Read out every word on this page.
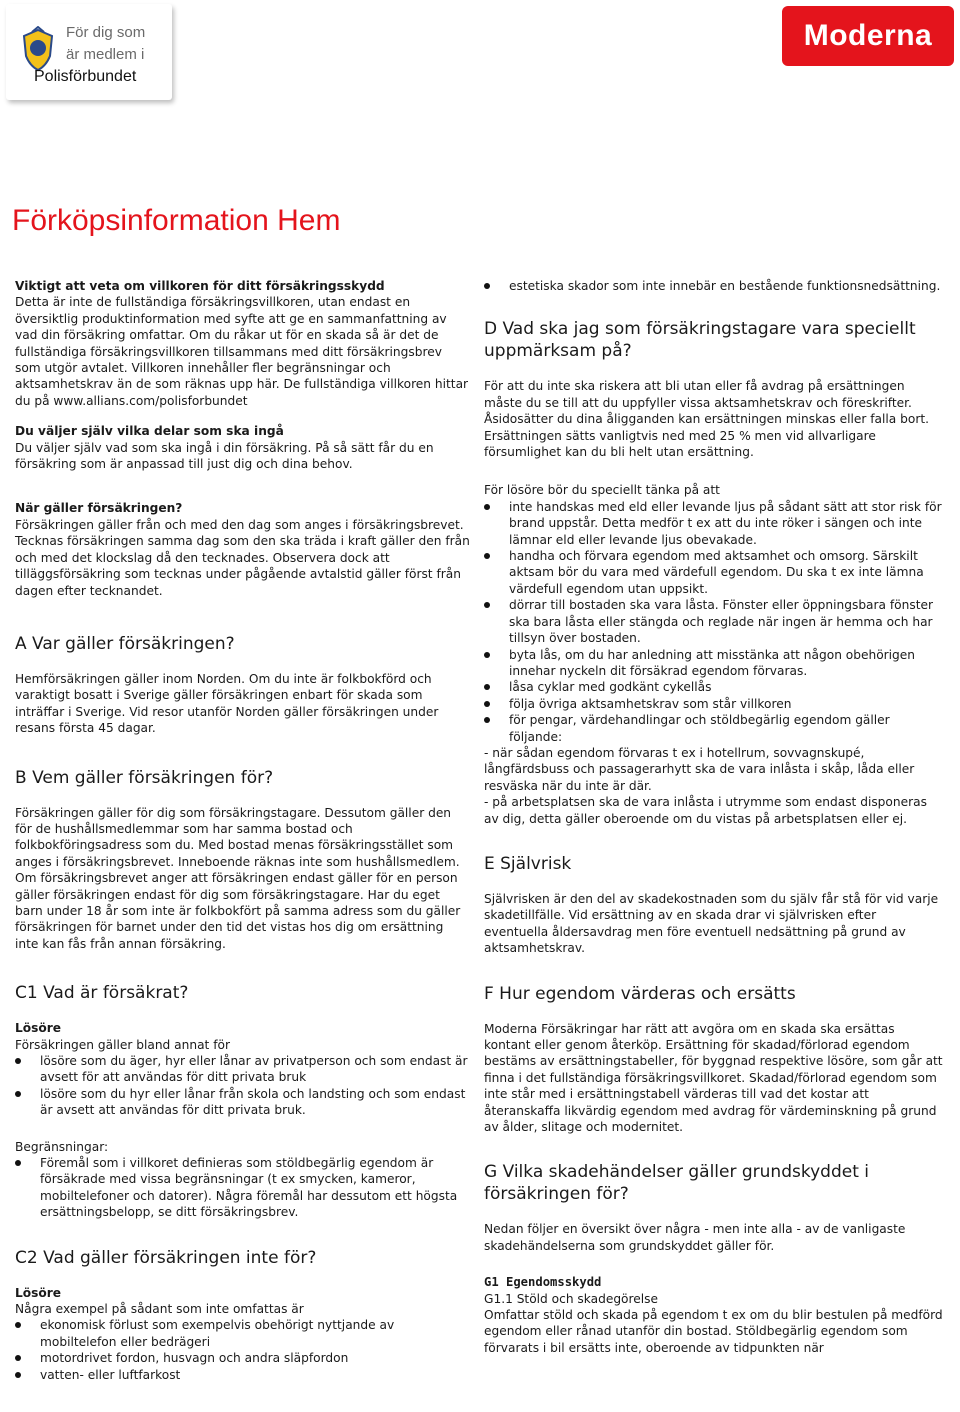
För dig som
är medlem i
Polisförbundet
Moderna
Förköpsinformation Hem

Viktigt att veta om villkoren för ditt försäkringsskydd

Detta är inte de fullständiga försäkringsvillkoren, utan endast en översiktlig produktinformation med syfte att ge en sammanfattning av vad din försäkring omfattar. Om du råkar ut för en skada så är det de fullständiga försäkringsvillkoren tillsammans med ditt försäkringsbrev som utgör avtalet. Villkoren innehåller fler begränsningar och aktsamhetskrav än de som räknas upp här. De fullständiga villkoren hittar du på www.allians.com/polisforbundet

Du väljer själv vilka delar som ska ingå

Du väljer själv vad som ska ingå i din försäkring. På så sätt får du en försäkring som är anpassad till just dig och dina behov.

När gäller försäkringen?

Försäkringen gäller från och med den dag som anges i försäkringsbrevet. Tecknas försäkringen samma dag som den ska träda i kraft gäller den från och med det klockslag då den tecknades. Observera dock att tilläggsförsäkring som tecknas under pågående avtalstid gäller först från dagen efter tecknandet.

A Var gäller försäkringen?

Hemförsäkringen gäller inom Norden. Om du inte är folkbokförd och varaktigt bosatt i Sverige gäller försäkringen enbart för skada som inträffar i Sverige. Vid resor utanför Norden gäller försäkringen under resans första 45 dagar.

B Vem gäller försäkringen för?

Försäkringen gäller för dig som försäkringstagare. Dessutom gäller den för de hushållsmedlemmar som har samma bostad och folkbokföringsadress som du. Med bostad menas försäkringsstället som anges i försäkringsbrevet. Inneboende räknas inte som hushållsmedlem. Om försäkringsbrevet anger att försäkringen endast gäller för en person gäller försäkringen endast för dig som försäkringstagare. Har du eget barn under 18 år som inte är folkbokfört på samma adress som du gäller försäkringen för barnet under den tid det vistas hos dig om ersättning inte kan fås från annan försäkring.

C1 Vad är försäkrat?

Lösöre

Försäkringen gäller bland annat för

lösöre som du äger, hyr eller lånar av privatperson och som endast är avsett för att användas för ditt privata bruk
lösöre som du hyr eller lånar från skola och landsting och som endast är avsett att användas för ditt privata bruk.

Begränsningar:

Föremål som i villkoret definieras som stöldbegärlig egendom är försäkrade med vissa begränsningar (t ex smycken, kameror, mobiltelefoner och datorer). Några föremål har dessutom ett högsta ersättningsbelopp, se ditt försäkringsbrev.
C2 Vad gäller försäkringen inte för?

Lösöre

Några exempel på sådant som inte omfattas är

ekonomisk förlust som exempelvis obehörigt nyttjande av mobiltelefon eller bedrägeri
motordrivet fordon, husvagn och andra släpfordon
vatten- eller luftfarkost
estetiska skador som inte innebär en bestående funktionsnedsättning.
D Vad ska jag som försäkringstagare vara speciellt uppmärksam på?

För att du inte ska riskera att bli utan eller få avdrag på ersättningen måste du se till att du uppfyller vissa aktsamhetskrav och föreskrifter. Åsidosätter du dina åligganden kan ersättningen minskas eller falla bort. Ersättningen sätts vanligtvis ned med 25 % men vid allvarligare försumlighet kan du bli helt utan ersättning.

För lösöre bör du speciellt tänka på att

inte handskas med eld eller levande ljus på sådant sätt att stor risk för brand uppstår. Detta medför t ex att du inte röker i sängen och inte lämnar eld eller levande ljus obevakade.
handha och förvara egendom med aktsamhet och omsorg. Särskilt aktsam bör du vara med värdefull egendom. Du ska t ex inte lämna värdefull egendom utan uppsikt.
dörrar till bostaden ska vara låsta. Fönster eller öppningsbara fönster ska bara låsta eller stängda och reglade när ingen är hemma och har tillsyn över bostaden.
byta lås, om du har anledning att misstänka att någon obehörigen innehar nyckeln dit försäkrad egendom förvaras.
låsa cyklar med godkänt cykellås
följa övriga aktsamhetskrav som står villkoren
för pengar, värdehandlingar och stöldbegärlig egendom gäller följande:

- när sådan egendom förvaras t ex i hotellrum, sovvagnskupé, långfärdsbuss och passagerarhytt ska de vara inlåsta i skåp, låda eller resväska när du inte är där.

- på arbetsplatsen ska de vara inlåsta i utrymme som endast disponeras av dig, detta gäller oberoende om du vistas på arbetsplatsen eller ej.

E Självrisk

Självrisken är den del av skadekostnaden som du själv får stå för vid varje skadetillfälle. Vid ersättning av en skada drar vi självrisken efter eventuella åldersavdrag men före eventuell nedsättning på grund av aktsamhetskrav.

F Hur egendom värderas och ersätts

Moderna Försäkringar har rätt att avgöra om en skada ska ersättas kontant eller genom återköp. Ersättning för skadad/förlorad egendom bestäms av ersättningstabeller, för byggnad respektive lösöre, som går att finna i det fullständiga försäkringsvillkoret. Skadad/förlorad egendom som inte står med i ersättningstabell värderas till vad det kostar att återanskaffa likvärdig egendom med avdrag för värdeminskning på grund av ålder, slitage och modernitet.

G Vilka skadehändelser gäller grundskyddet i försäkringen för?

Nedan följer en översikt över några - men inte alla - av de vanligaste skadehändelserna som grundskyddet gäller för.

G1 Egendomsskydd

G1.1 Stöld och skadegörelse

Omfattar stöld och skada på egendom t ex om du blir bestulen på medförd egendom eller rånad utanför din bostad. Stöldbegärlig egendom som förvarats i bil ersätts inte, oberoende av tidpunkten när
